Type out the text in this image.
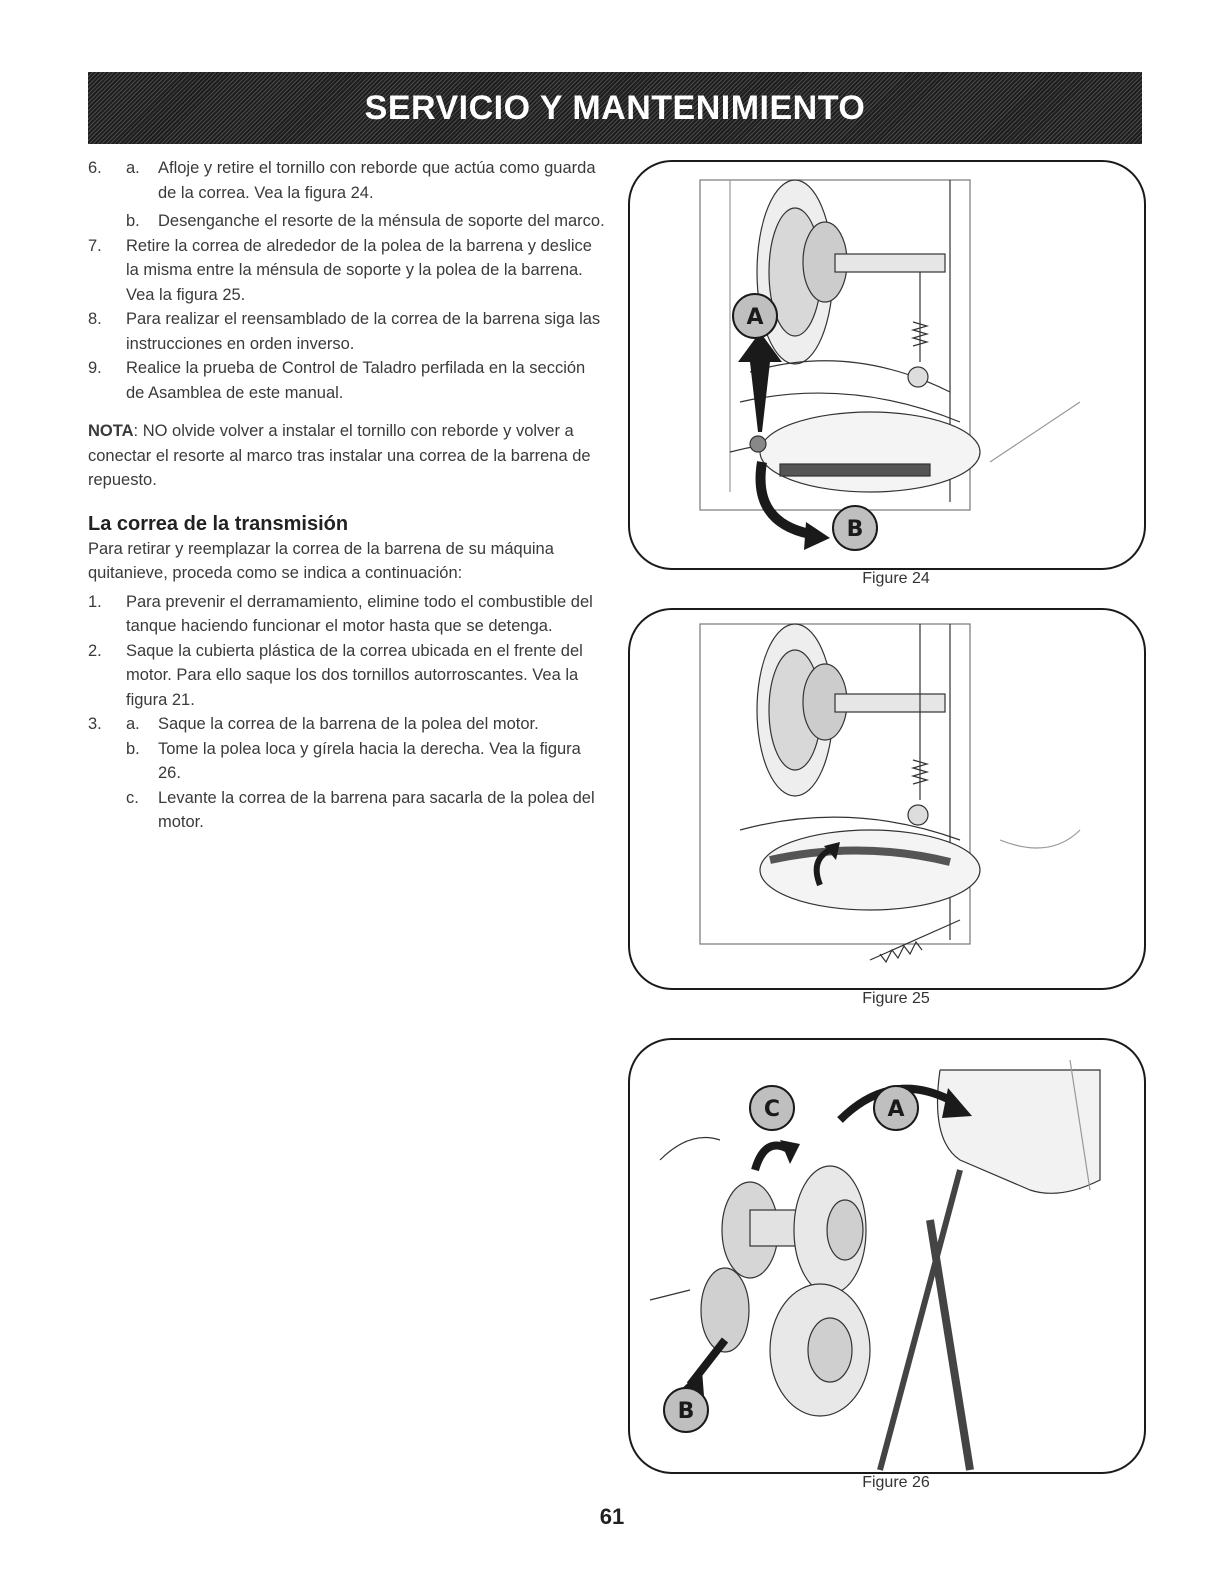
SERVICIO Y MANTENIMIENTO
6. a. Afloje y retire el tornillo con reborde que actúa como guarda de la correa. Vea la figura 24.
b. Desenganche el resorte de la ménsula de soporte del marco.
7. Retire la correa de alrededor de la polea de la barrena y deslice la misma entre la ménsula de soporte y la polea de la barrena. Vea la figura 25.
8. Para realizar el reensamblado de la correa de la barrena siga las instrucciones en orden inverso.
9. Realice la prueba de Control de Taladro perfilada en la sección de Asamblea de este manual.
NOTA: NO olvide volver a instalar el tornillo con reborde y volver a conectar el resorte al marco tras instalar una correa de la barrena de repuesto.
La correa de la transmisión
Para retirar y reemplazar la correa de la barrena de su máquina quitanieve, proceda como se indica a continuación:
1. Para prevenir el derramamiento, elimine todo el combustible del tanque haciendo funcionar el motor hasta que se detenga.
2. Saque la cubierta plástica de la correa ubicada en el frente del motor. Para ello saque los dos tornillos autorroscantes. Vea la figura 21.
3. a. Saque la correa de la barrena de la polea del motor.
b. Tome la polea loca y gírela hacia la derecha. Vea la figura 26.
c. Levante la correa de la barrena para sacarla de la polea del motor.
A
B
Figure 24
Figure 25
C	A
B
Figure 26
61
